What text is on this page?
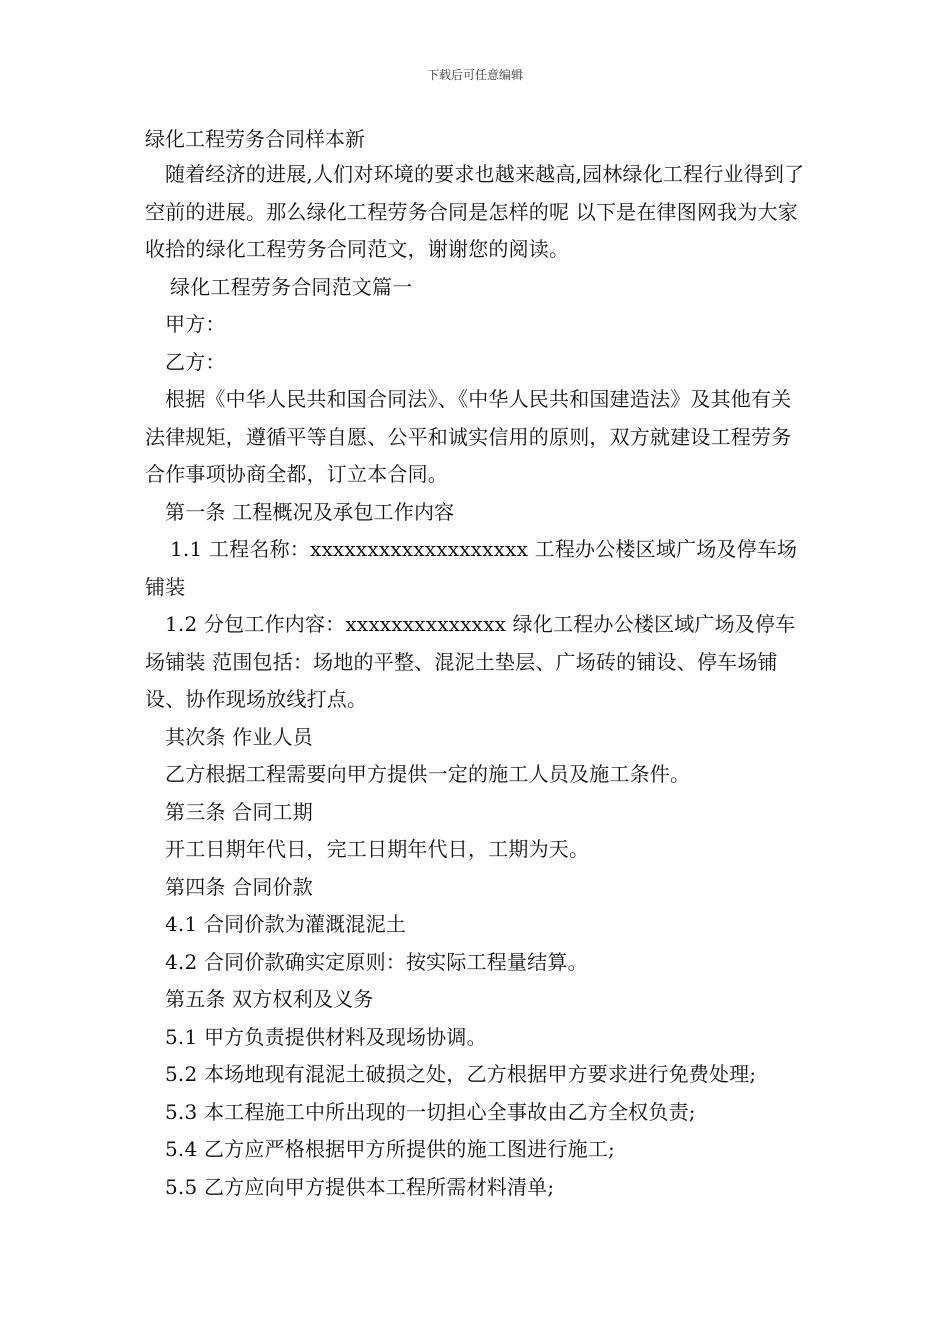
下载后可任意编辑

绿化工程劳务合同样本新

随着经济的进展,人们对环境的要求也越来越高,园林绿化工程行业得到了空前的进展。那么绿化工程劳务合同是怎样的呢 以下是在律图网我为大家收拾的绿化工程劳务合同范文，谢谢您的阅读。

绿化工程劳务合同范文篇一

甲方：

乙方：

根据《中华人民共和国合同法》、《中华人民共和国建造法》及其他有关法律规矩，遵循平等自愿、公平和诚实信用的原则，双方就建设工程劳务合作事项协商全都，订立本合同。

第一条 工程概况及承包工作内容

1.1 工程名称：xxxxxxxxxxxxxxxxxxx 工程办公楼区域广场及停车场铺装

1.2 分包工作内容：xxxxxxxxxxxxxx 绿化工程办公楼区域广场及停车场铺装 范围包括：场地的平整、混泥土垫层、广场砖的铺设、停车场铺设、协作现场放线打点。

其次条 作业人员

乙方根据工程需要向甲方提供一定的施工人员及施工条件。

第三条 合同工期

开工日期年代日，完工日期年代日，工期为天。

第四条 合同价款

4.1 合同价款为灌溉混泥土

4.2 合同价款确实定原则：按实际工程量结算。

第五条 双方权利及义务

5.1 甲方负责提供材料及现场协调。

5.2 本场地现有混泥土破损之处，乙方根据甲方要求进行免费处理;

5.3 本工程施工中所出现的一切担心全事故由乙方全权负责;

5.4 乙方应严格根据甲方所提供的施工图进行施工;

5.5 乙方应向甲方提供本工程所需材料清单;
